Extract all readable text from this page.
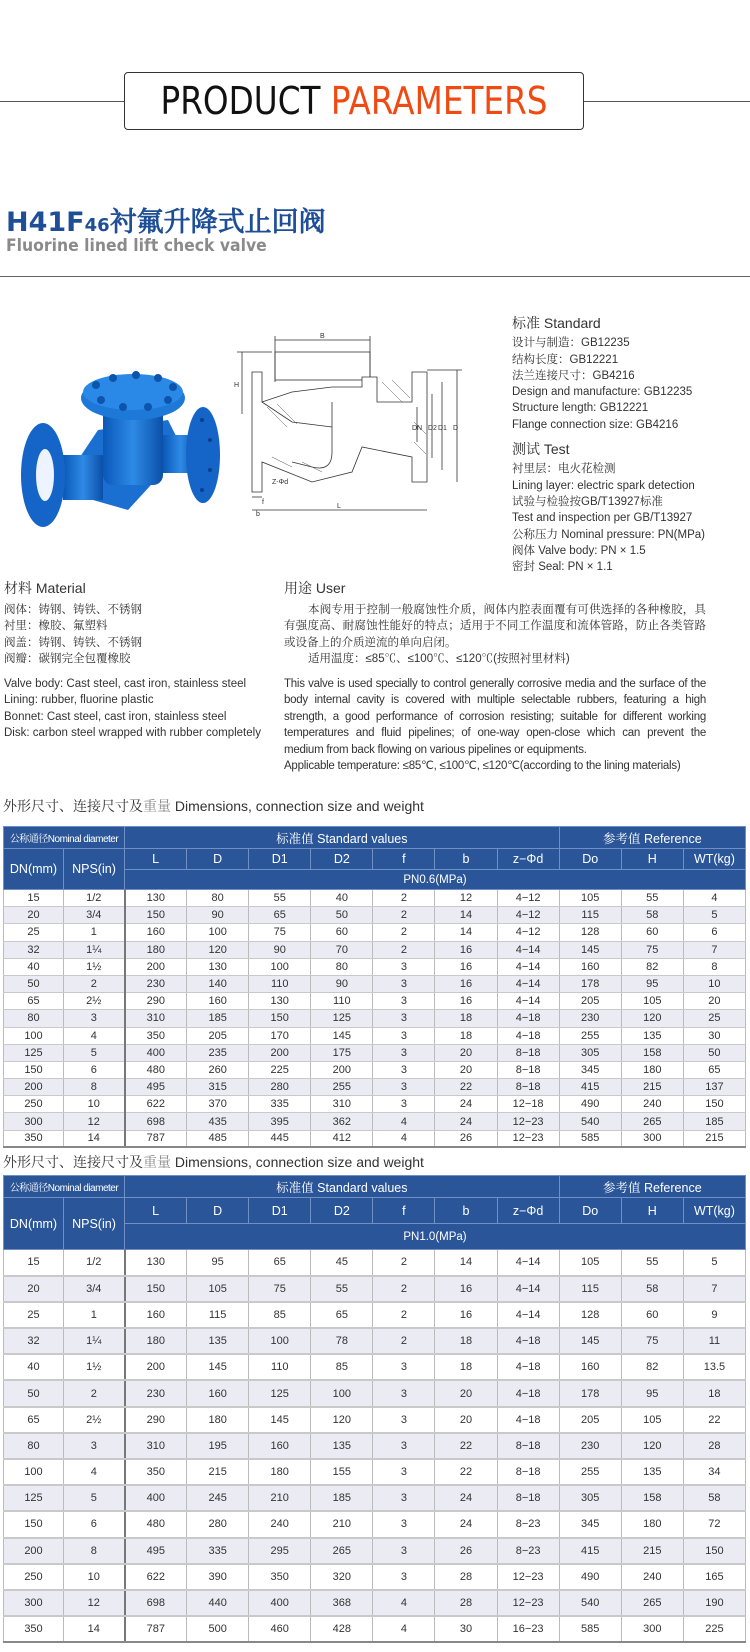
PRODUCT PARAMETERS
H41F46衬氟升降式止回阀
Fluorine lined lift check valve
B
H
DN D2 D1 D
Z-Φd
f
b
L
标准 Standard
设计与制造：GB12235
结构长度：GB12221
法兰连接尺寸：GB4216
Design and manufacture: GB12235
Structure length: GB12221
Flange connection size: GB4216
测试 Test
衬里层：电火花检测
Lining layer: electric spark detection
试验与检验按GB/T13927标准
Test and inspection per GB/T13927
公称压力 Nominal pressure: PN(MPa)
阀体 Valve body: PN × 1.5
密封 Seal: PN × 1.1
材料 Material
阀体：铸钢、铸铁、不锈钢
衬里：橡胶、氟塑料
阀盖：铸钢、铸铁、不锈钢
阀瓣：碳钢完全包覆橡胶
Valve body: Cast steel, cast iron, stainless steel
Lining: rubber, fluorine plastic
Bonnet: Cast steel, cast iron, stainless steel
Disk: carbon steel wrapped with rubber completely
用途 User
本阀专用于控制一般腐蚀性介质，阀体内腔表面覆有可供选择的各种橡胶，具有强度高、耐腐蚀性能好的特点；适用于不同工作温度和流体管路，防止各类管路或设备上的介质逆流的单向启闭。
适用温度：≤85℃、≤100℃、≤120℃(按照衬里材料)
This valve is used specially to control generally corrosive media and the surface of the body internal cavity is covered with multiple selectable rubbers, featuring a high strength, a good performance of corrosion resisting; suitable for different working temperatures and fluid pipelines; of one-way open-close which can prevent the medium from back flowing on various pipelines or equipments.
Applicable temperature: ≤85℃, ≤100℃, ≤120℃(according to the lining materials)
外形尺寸、连接尺寸及重量 Dimensions, connection size and weight
公称通径Nominal diameter		标准值 Standard values							参考值 Reference		
DN(mm)	NPS(in)	L	D	D1	D2	f	b	z−Φd	Do	H	WT(kg)
		PN0.6(MPa)									
15	1/2	130	80	55	40	2	12	4−12	105	55	4
20	3/4	150	90	65	50	2	14	4−12	115	58	5
25	1	160	100	75	60	2	14	4−12	128	60	6
32	1¼	180	120	90	70	2	16	4−14	145	75	7
40	1½	200	130	100	80	3	16	4−14	160	82	8
50	2	230	140	110	90	3	16	4−14	178	95	10
65	2½	290	160	130	110	3	16	4−14	205	105	20
80	3	310	185	150	125	3	18	4−18	230	120	25
100	4	350	205	170	145	3	18	4−18	255	135	30
125	5	400	235	200	175	3	20	8−18	305	158	50
150	6	480	260	225	200	3	20	8−18	345	180	65
200	8	495	315	280	255	3	22	8−18	415	215	137
250	10	622	370	335	310	3	24	12−18	490	240	150
300	12	698	435	395	362	4	24	12−23	540	265	185
350	14	787	485	445	412	4	26	12−23	585	300	215
外形尺寸、连接尺寸及重量 Dimensions, connection size and weight
公称通径Nominal diameter		标准值 Standard values							参考值 Reference		
DN(mm)	NPS(in)	L	D	D1	D2	f	b	z−Φd	Do	H	WT(kg)
		PN1.0(MPa)									
15	1/2	130	95	65	45	2	14	4−14	105	55	5
20	3/4	150	105	75	55	2	16	4−14	115	58	7
25	1	160	115	85	65	2	16	4−14	128	60	9
32	1¼	180	135	100	78	2	18	4−18	145	75	11
40	1½	200	145	110	85	3	18	4−18	160	82	13.5
50	2	230	160	125	100	3	20	4−18	178	95	18
65	2½	290	180	145	120	3	20	4−18	205	105	22
80	3	310	195	160	135	3	22	8−18	230	120	28
100	4	350	215	180	155	3	22	8−18	255	135	34
125	5	400	245	210	185	3	24	8−18	305	158	58
150	6	480	280	240	210	3	24	8−23	345	180	72
200	8	495	335	295	265	3	26	8−23	415	215	150
250	10	622	390	350	320	3	28	12−23	490	240	165
300	12	698	440	400	368	4	28	12−23	540	265	190
350	14	787	500	460	428	4	30	16−23	585	300	225
